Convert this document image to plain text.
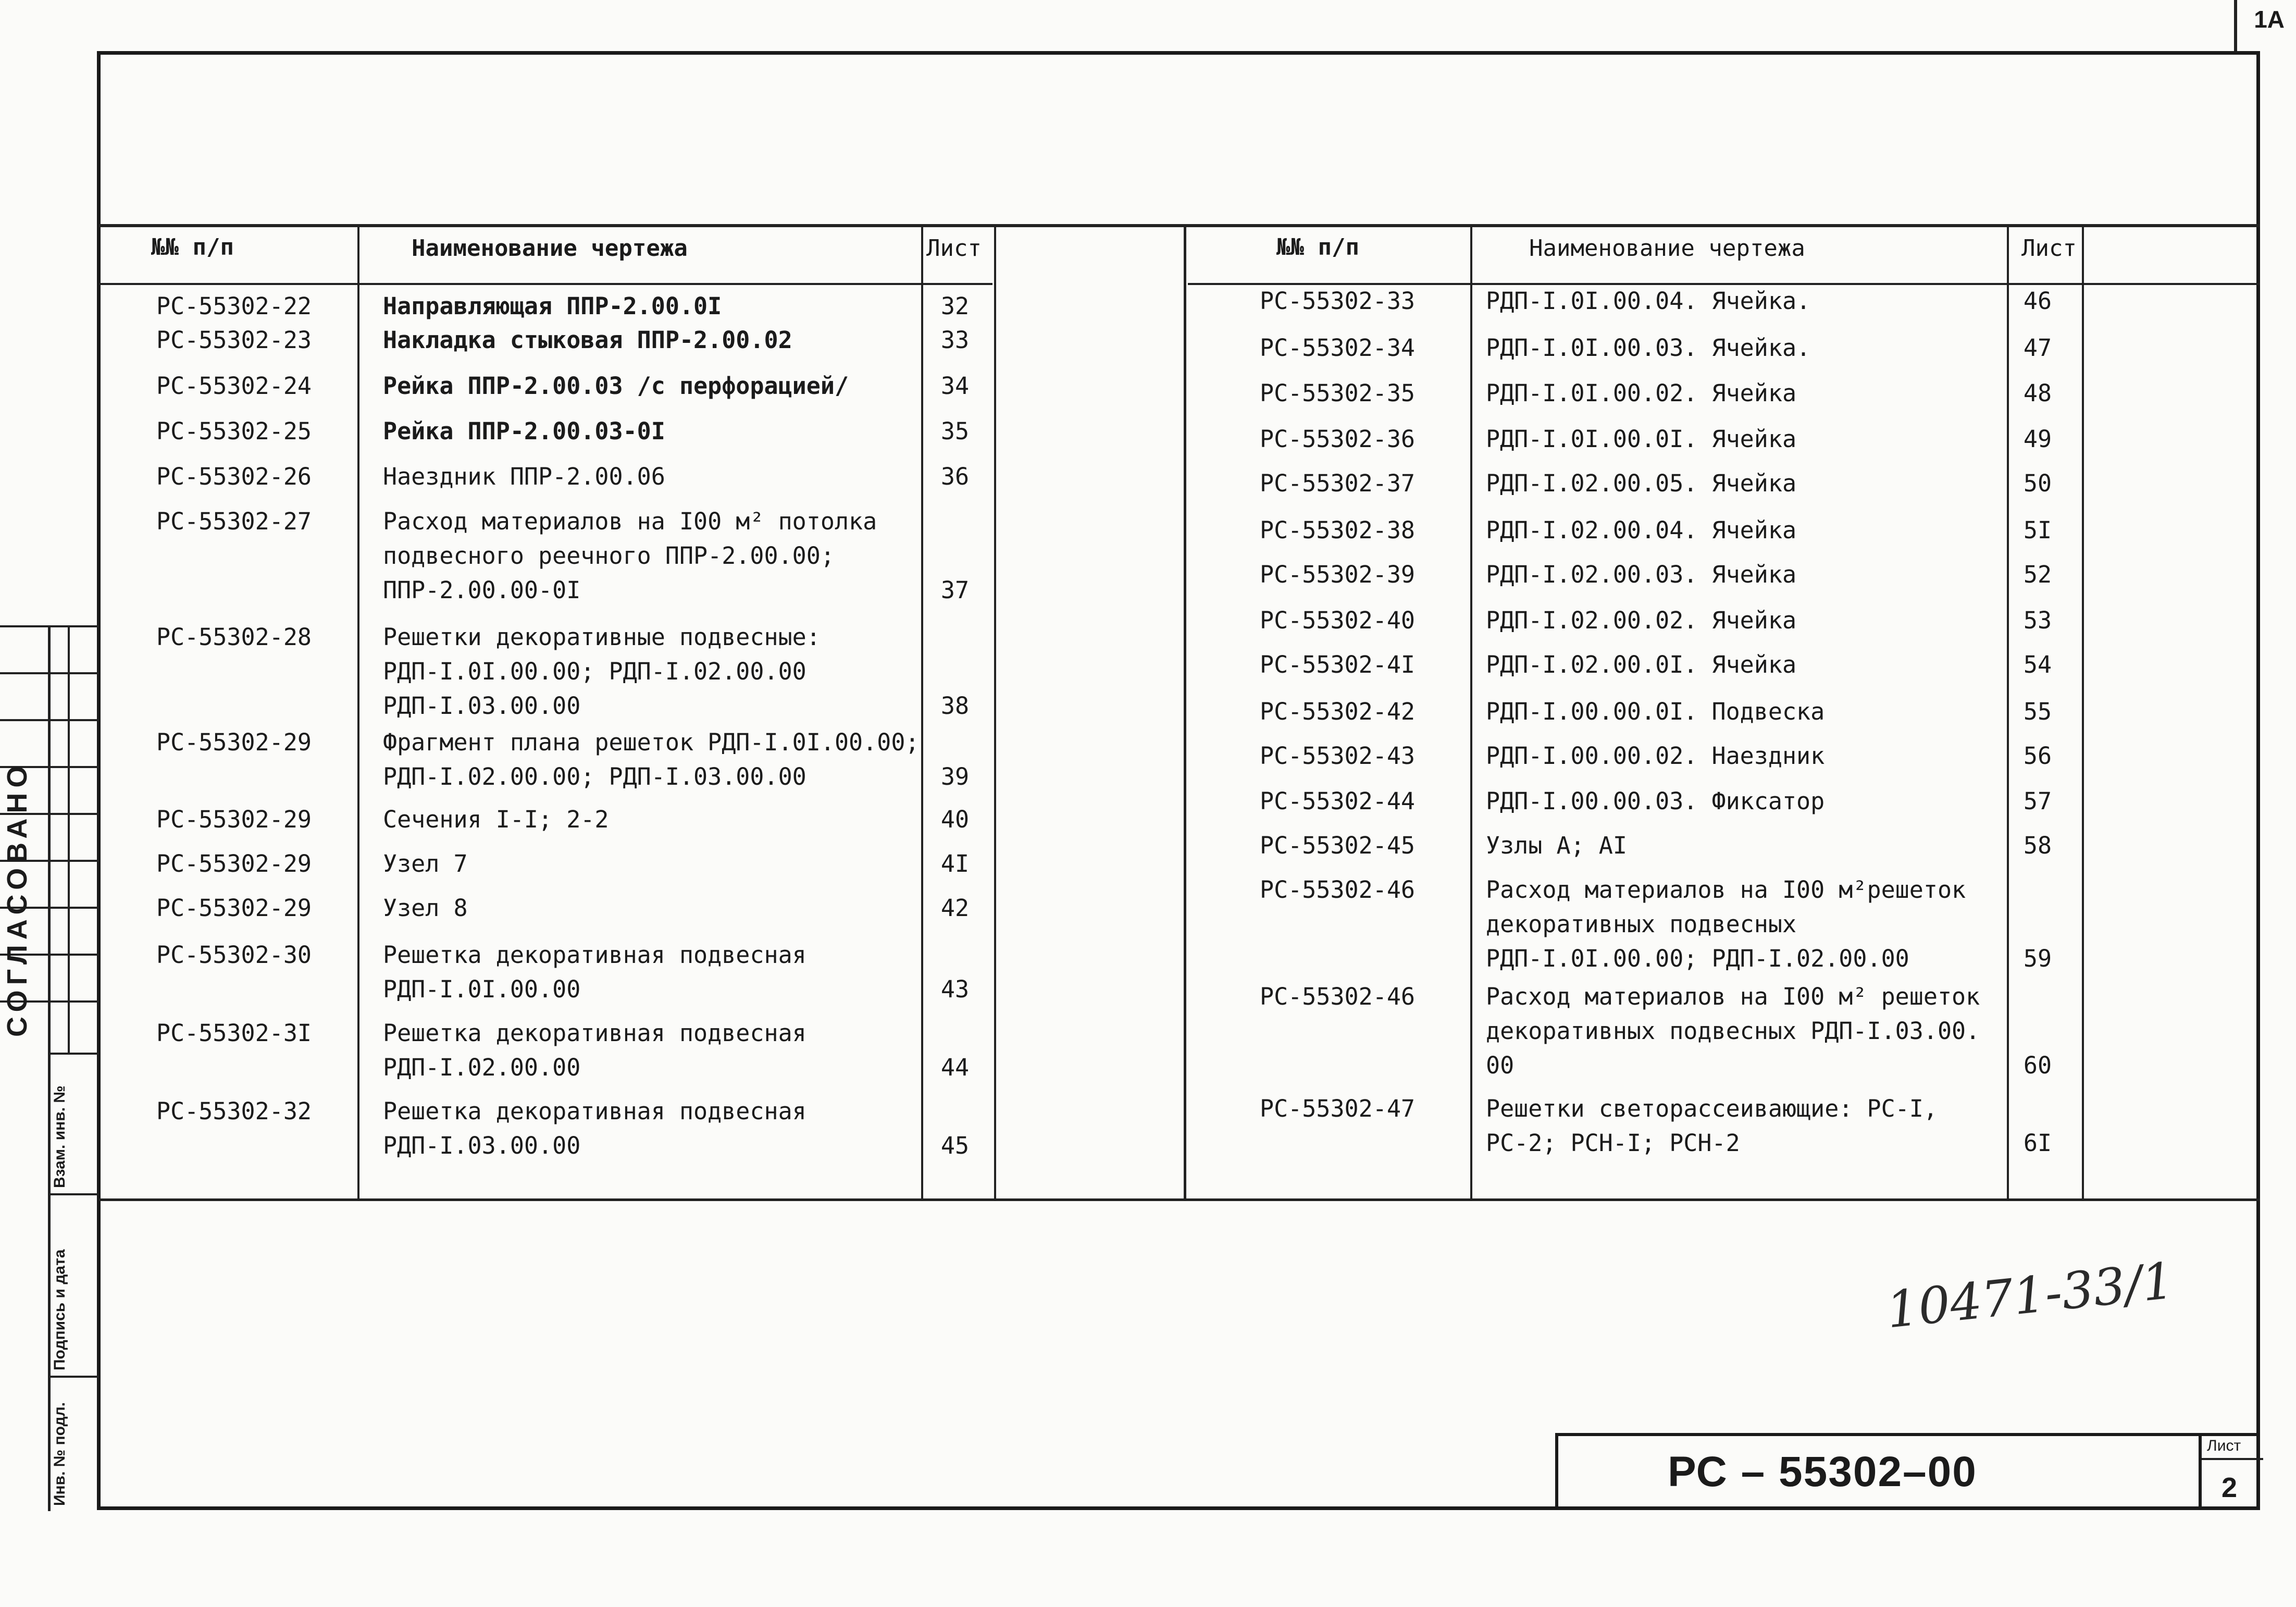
1A
№№ п/п	Наименование чертежа	Лист	№№ п/п	Наименование чертежа	Лист
РС-55302-22	Направляющая ППР-2.00.0I	32
РС-55302-23	Накладка стыковая ППР-2.00.02	33
РС-55302-24	Рейка ППР-2.00.03 /с перфорацией/	34
РС-55302-25	Рейка ППР-2.00.03-0I	35
РС-55302-26	Наездник ППР-2.00.06	36
РС-55302-27	Расход материалов на I00 м² потолка
подвесного реечного ППР-2.00.00;
ППР-2.00.00-0I	37
РС-55302-28	Решетки декоративные подвесные:
РДП-I.0I.00.00; РДП-I.02.00.00
РДП-I.03.00.00	38
РС-55302-29	Фрагмент плана решеток РДП-I.0I.00.00;
РДП-I.02.00.00; РДП-I.03.00.00	39
РС-55302-29	Сечения I-I; 2-2	40
РС-55302-29	Узел 7	4I
РС-55302-29	Узел 8	42
РС-55302-30	Решетка декоративная подвесная
РДП-I.0I.00.00	43
РС-55302-3I	Решетка декоративная подвесная
РДП-I.02.00.00	44
РС-55302-32	Решетка декоративная подвесная
РДП-I.03.00.00	45
РС-55302-33	РДП-I.0I.00.04. Ячейка.	46
РС-55302-34	РДП-I.0I.00.03. Ячейка.	47
РС-55302-35	РДП-I.0I.00.02. Ячейка	48
РС-55302-36	РДП-I.0I.00.0I. Ячейка	49
РС-55302-37	РДП-I.02.00.05. Ячейка	50
РС-55302-38	РДП-I.02.00.04. Ячейка	5I
РС-55302-39	РДП-I.02.00.03. Ячейка	52
РС-55302-40	РДП-I.02.00.02. Ячейка	53
РС-55302-4I	РДП-I.02.00.0I. Ячейка	54
РС-55302-42	РДП-I.00.00.0I. Подвеска	55
РС-55302-43	РДП-I.00.00.02. Наездник	56
РС-55302-44	РДП-I.00.00.03. Фиксатор	57
РС-55302-45	Узлы А; АI	58
РС-55302-46	Расход материалов на I00 м²решеток
декоративных подвесных
РДП-I.0I.00.00; РДП-I.02.00.00	59
РС-55302-46	Расход материалов на I00 м² решеток
декоративных подвесных РДП-I.03.00.
00	60
РС-55302-47	Решетки светорассеивающие: РС-I,
РС-2; РСН-I; РСН-2	6I
СОГЛАСОВАНО
Взам. инв. №
Подпись и дата
Инв. № подл.
10471-33/1
РС – 55302–00
Лист
2
